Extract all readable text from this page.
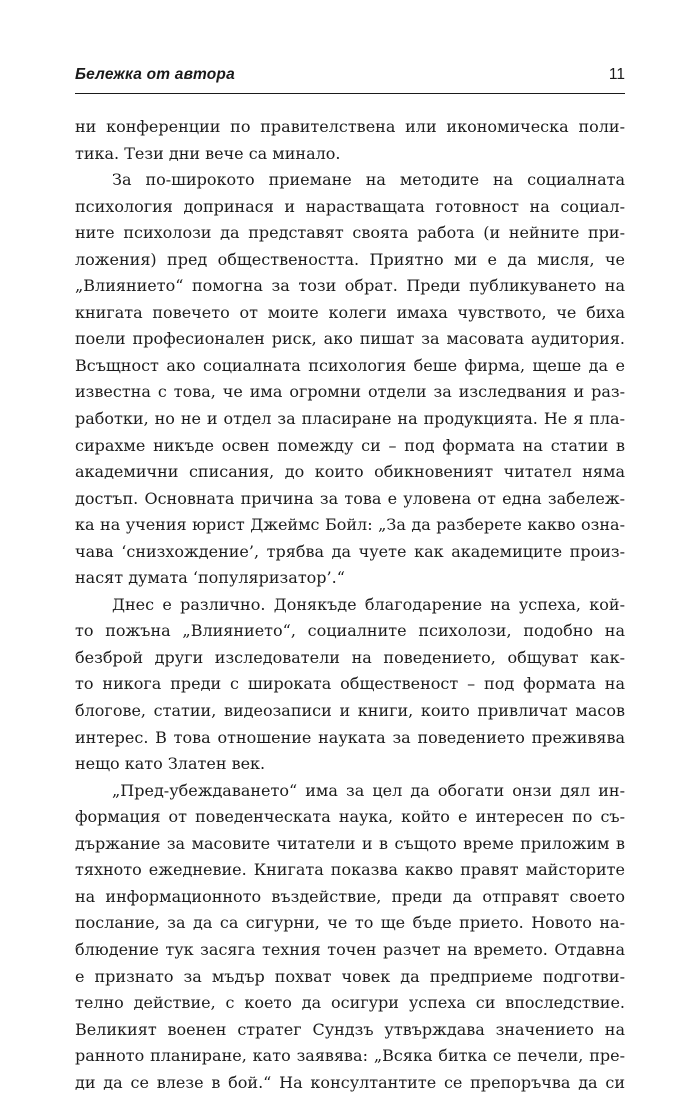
Бележка от автора	11
ни конференции по правителствена или икономическа поли-
тика. Тези дни вече са минало.
За по-широкото приемане на методите на социалната
психология допринася и нарастващата готовност на социал-
ните психолози да представят своята работа (и нейните при-
ложения) пред обществеността. Приятно ми е да мисля, че
„Влиянието“ помогна за този обрат. Преди публикуването на
книгата повечето от моите колеги имаха чувството, че биха
поели професионален риск, ако пишат за масовата аудитория.
Всъщност ако социалната психология беше фирма, щеше да е
известна с това, че има огромни отдели за изследвания и раз-
работки, но не и отдел за пласиране на продукцията. Не я пла-
сирахме никъде освен помежду си – под формата на статии в
академични списания, до които обикновеният читател няма
достъп. Основната причина за това е уловена от една забележ-
ка на учения юрист Джеймс Бойл: „За да разберете какво озна-
чава ‘снизхождение’, трябва да чуете как академиците произ-
насят думата ‘популяризатор’.“
Днес е различно. Донякъде благодарение на успеха, кой-
то пожъна „Влиянието“, социалните психолози, подобно на
безброй други изследователи на поведението, общуват как-
то никога преди с широката общественост – под формата на
блогове, статии, видеозаписи и книги, които привличат масов
интерес. В това отношение науката за поведението преживява
нещо като Златен век.
„Пред-убеждаването“ има за цел да обогати онзи дял ин-
формация от поведенческата наука, който е интересен по съ-
държание за масовите читатели и в същото време приложим в
тяхното ежедневие. Книгата показва какво правят майсторите
на информационното въздействие, преди да отправят своето
послание, за да са сигурни, че то ще бъде прието. Новото на-
блюдение тук засяга техния точен разчет на времето. Отдавна
е признато за мъдър похват човек да предприеме подготви-
телно действие, с което да осигури успеха си впоследствие.
Великият военен стратег Сундзъ утвърждава значението на
ранното планиране, като заявява: „Всяка битка се печели, пре-
ди да се влезе в бой.“ На консултантите се препоръчва да си
